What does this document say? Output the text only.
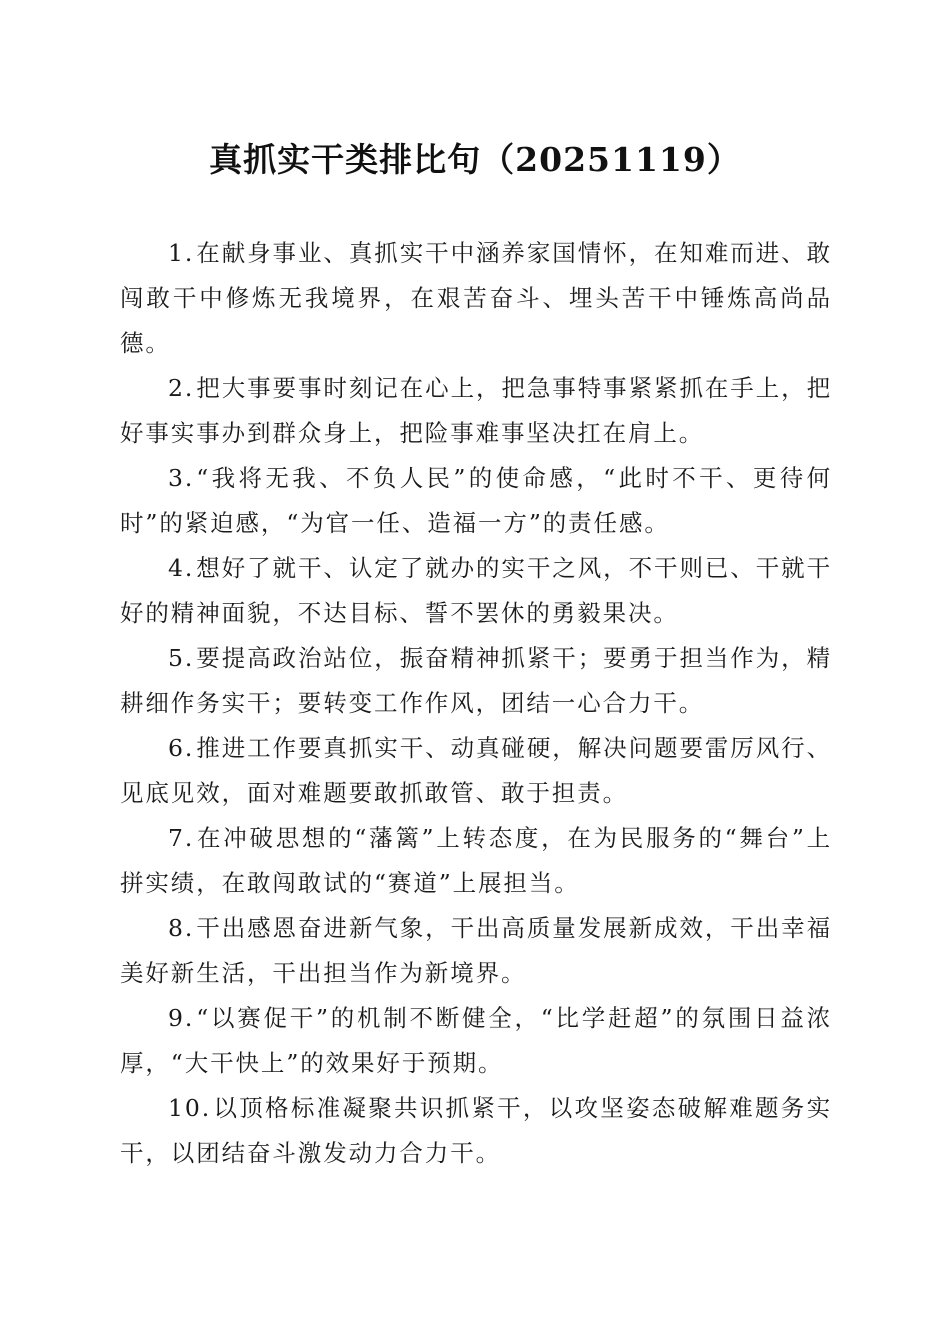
真抓实干类排比句（20251119）

1.在献身事业、真抓实干中涵养家国情怀，在知难而进、敢闯敢干中修炼无我境界，在艰苦奋斗、埋头苦干中锤炼高尚品德。

2.把大事要事时刻记在心上，把急事特事紧紧抓在手上，把好事实事办到群众身上，把险事难事坚决扛在肩上。

3.“我将无我、不负人民”的使命感，“此时不干、更待何时”的紧迫感，“为官一任、造福一方”的责任感。

4.想好了就干、认定了就办的实干之风，不干则已、干就干好的精神面貌，不达目标、誓不罢休的勇毅果决。

5.要提高政治站位，振奋精神抓紧干；要勇于担当作为，精耕细作务实干；要转变工作作风，团结一心合力干。

6.推进工作要真抓实干、动真碰硬，解决问题要雷厉风行、见底见效，面对难题要敢抓敢管、敢于担责。

7.在冲破思想的“藩篱”上转态度，在为民服务的“舞台”上拼实绩，在敢闯敢试的“赛道”上展担当。

8.干出感恩奋进新气象，干出高质量发展新成效，干出幸福美好新生活，干出担当作为新境界。

9.“以赛促干”的机制不断健全，“比学赶超”的氛围日益浓厚，“大干快上”的效果好于预期。

10.以顶格标准凝聚共识抓紧干，以攻坚姿态破解难题务实干，以团结奋斗激发动力合力干。
